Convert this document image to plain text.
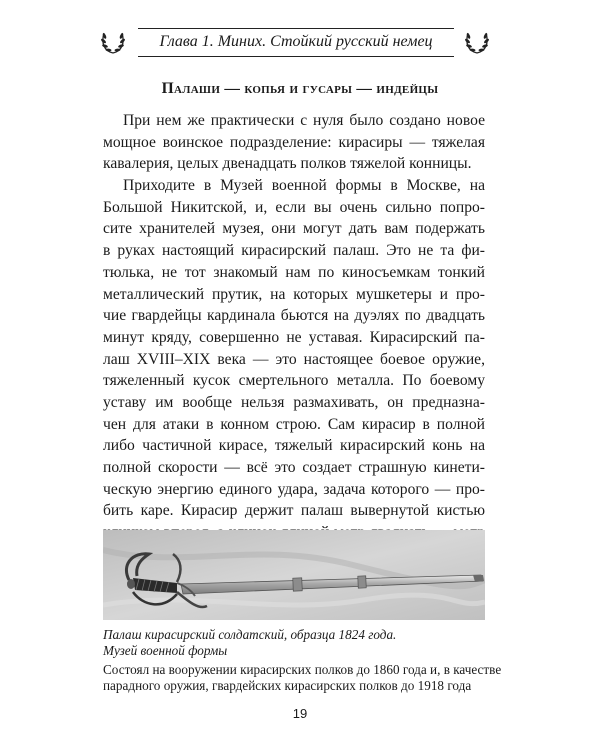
Глава 1. Миних. Стойкий русский немец
Палаши — копья и гусары — индейцы
При нем же практически с нуля было создано новое
мощное воинское подразделение: кирасиры — тяжелая
кавалерия, целых двенадцать полков тяжелой конницы.
Приходите в Музей военной формы в Москве, на
Большой Никитской, и, если вы очень сильно попро-
сите хранителей музея, они могут дать вам подержать
в руках настоящий кирасирский палаш. Это не та фи-
тюлька, не тот знакомый нам по киносъемкам тонкий
металлический прутик, на которых мушкетеры и про-
чие гвардейцы кардинала бьются на дуэлях по двадцать
минут кряду, совершенно не уставая. Кирасирский па-
лаш XVIII–XIX века — это настоящее боевое оружие,
тяжеленный кусок смертельного металла. По боевому
уставу им вообще нельзя размахивать, он предназна-
чен для атаки в конном строю. Сам кирасир в полной
либо частичной кирасе, тяжелый кирасирский конь на
полной скорости — всё это создает страшную кинети-
ческую энергию единого удара, задача которого — про-
бить каре. Кирасир держит палаш вывернутой кистью
Палаш кирасирский солдатский, образца 1824 года.
Музей военной формы
Состоял на вооружении кирасирских полков до 1860 года и, в качестве
парадного оружия, гвардейских кирасирских полков до 1918 года
19
